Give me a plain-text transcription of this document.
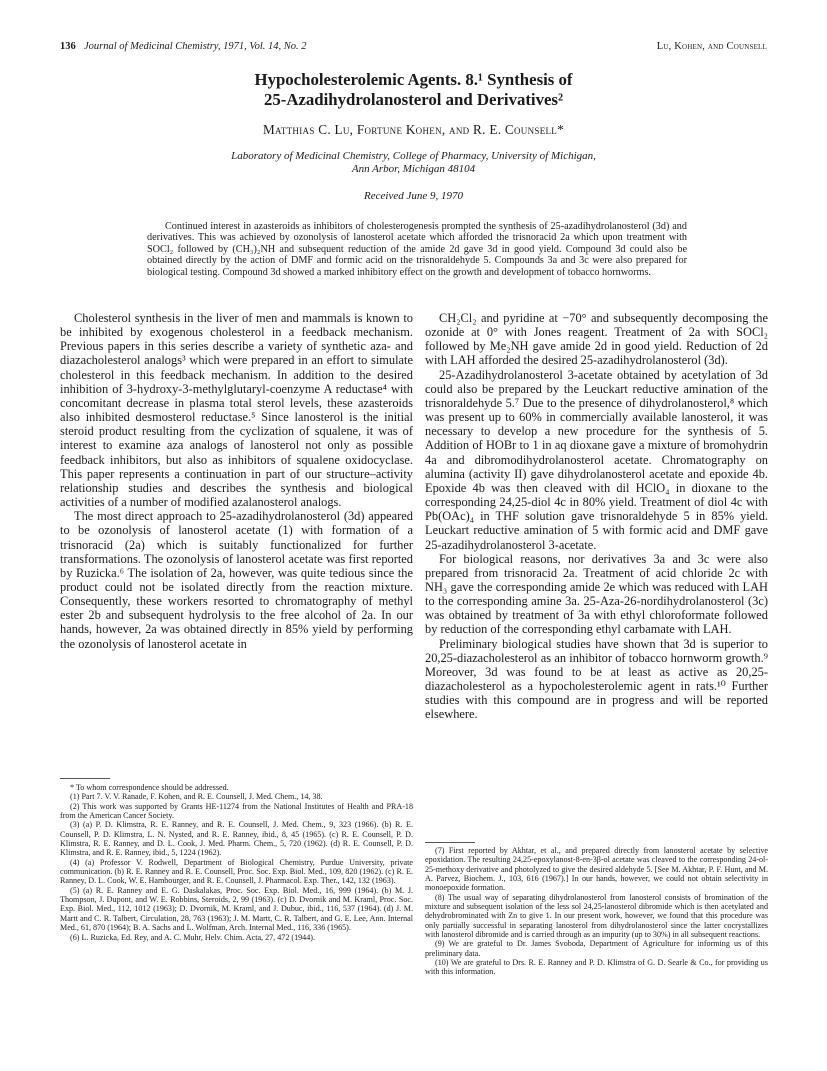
136 Journal of Medicinal Chemistry, 1971, Vol. 14, No. 2	Lu, Kohen, and Counsell
Hypocholesterolemic Agents. 8.¹ Synthesis of
25-Azadihydrolanosterol and Derivatives²
Matthias C. Lu, Fortune Kohen, and R. E. Counsell*
Laboratory of Medicinal Chemistry, College of Pharmacy, University of Michigan,
Ann Arbor, Michigan 48104
Received June 9, 1970

Continued interest in azasteroids as inhibitors of cholesterogenesis prompted the synthesis of 25-azadihydrolanosterol (3d) and derivatives. This was achieved by ozonolysis of lanosterol acetate which afforded the trisnoracid 2a which upon treatment with SOCl₂ followed by (CH₃)₂NH and subsequent reduction of the amide 2d gave 3d in good yield. Compound 3d could also be obtained directly by the action of DMF and formic acid on the trisnoraldehyde 5. Compounds 3a and 3c were also prepared for biological testing. Compound 3d showed a marked inhibitory effect on the growth and development of tobacco hornworms.

Cholesterol synthesis in the liver of men and mammals is known to be inhibited by exogenous cholesterol in a feedback mechanism. Previous papers in this series describe a variety of synthetic aza- and diazacholesterol analogs³ which were prepared in an effort to simulate cholesterol in this feedback mechanism. In addition to the desired inhibition of 3-hydroxy-3-methylglutaryl-coenzyme A reductase⁴ with concomitant decrease in plasma total sterol levels, these azasteroids also inhibited desmosterol reductase.⁵ Since lanosterol is the initial steroid product resulting from the cyclization of squalene, it was of interest to examine aza analogs of lanosterol not only as possible feedback inhibitors, but also as inhibitors of squalene oxidocyclase. This paper represents a continuation in part of our structure–activity relationship studies and describes the synthesis and biological activities of a number of modified azalanosterol analogs.

The most direct approach to 25-azadihydrolanosterol (3d) appeared to be ozonolysis of lanosterol acetate (1) with formation of a trisnoracid (2a) which is suitably functionalized for further transformations. The ozonolysis of lanosterol acetate was first reported by Ruzicka.⁶ The isolation of 2a, however, was quite tedious since the product could not be isolated directly from the reaction mixture. Consequently, these workers resorted to chromatography of methyl ester 2b and subsequent hydrolysis to the free alcohol of 2a. In our hands, however, 2a was obtained directly in 85% yield by performing the ozonolysis of lanosterol acetate in

CH₂Cl₂ and pyridine at −70° and subsequently decomposing the ozonide at 0° with Jones reagent. Treatment of 2a with SOCl₂ followed by Me₂NH gave amide 2d in good yield. Reduction of 2d with LAH afforded the desired 25-azadihydrolanosterol (3d).

25-Azadihydrolanosterol 3-acetate obtained by acetylation of 3d could also be prepared by the Leuckart reductive amination of the trisnoraldehyde 5.⁷ Due to the presence of dihydrolanosterol,⁸ which was present up to 60% in commercially available lanosterol, it was necessary to develop a new procedure for the synthesis of 5. Addition of HOBr to 1 in aq dioxane gave a mixture of bromohydrin 4a and dibromodihydrolanosterol acetate. Chromatography on alumina (activity II) gave dihydrolanosterol acetate and epoxide 4b. Epoxide 4b was then cleaved with dil HClO₄ in dioxane to the corresponding 24,25-diol 4c in 80% yield. Treatment of diol 4c with Pb(OAc)₄ in THF solution gave trisnoraldehyde 5 in 85% yield. Leuckart reductive amination of 5 with formic acid and DMF gave 25-azadihydrolanosterol 3-acetate.

For biological reasons, nor derivatives 3a and 3c were also prepared from trisnoracid 2a. Treatment of acid chloride 2c with NH₃ gave the corresponding amide 2e which was reduced with LAH to the corresponding amine 3a. 25-Aza-26-nordihydrolanosterol (3c) was obtained by treatment of 3a with ethyl chloroformate followed by reduction of the corresponding ethyl carbamate with LAH.

Preliminary biological studies have shown that 3d is superior to 20,25-diazacholesterol as an inhibitor of tobacco hornworm growth.⁹ Moreover, 3d was found to be at least as active as 20,25-diazacholesterol as a hypocholesterolemic agent in rats.¹⁰ Further studies with this compound are in progress and will be reported elsewhere.

* To whom correspondence should be addressed.

(1) Part 7. V. V. Ranade, F. Kohen, and R. E. Counsell, J. Med. Chem., 14, 38.

(2) This work was supported by Grants HE-11274 from the National Institutes of Health and PRA-18 from the American Cancer Society.

(3) (a) P. D. Klimstra, R. E. Ranney, and R. E. Counsell, J. Med. Chem., 9, 323 (1966). (b) R. E. Counsell, P. D. Klimstra, L. N. Nysted, and R. E. Ranney, ibid., 8, 45 (1965). (c) R. E. Counsell, P. D. Klimstra, R. E. Ranney, and D. L. Cook, J. Med. Pharm. Chem., 5, 720 (1962). (d) R. E. Counsell, P. D. Klimstra, and R. E. Ranney, ibid., 5, 1224 (1962).

(4) (a) Professor V. Rodwell, Department of Biological Chemistry, Purdue University, private communication. (b) R. E. Ranney and R. E. Counsell, Proc. Soc. Exp. Biol. Med., 109, 820 (1962). (c) R. E. Ranney, D. L. Cook, W. E. Hambourger, and R. E. Counsell, J. Pharmacol. Exp. Ther., 142, 132 (1963).

(5) (a) R. E. Ranney and E. G. Daskalakas, Proc. Soc. Exp. Biol. Med., 16, 999 (1964). (b) M. J. Thompson, J. Dupont, and W. E. Robbins, Steroids, 2, 99 (1963). (c) D. Dvornik and M. Kraml, Proc. Soc. Exp. Biol. Med., 112, 1012 (1963); D. Dvornik, M. Kraml, and J. Dubuc, ibid., 116, 537 (1964). (d) J. M. Martt and C. R. Talbert, Circulation, 28, 763 (1963); J. M. Martt, C. R. Talbert, and G. E. Lee, Ann. Internal Med., 61, 870 (1964); B. A. Sachs and L. Wolfman, Arch. Internal Med., 116, 336 (1965).

(6) L. Ruzicka, Ed. Rey, and A. C. Muhr, Helv. Chim. Acta, 27, 472 (1944).

(7) First reported by Akhtar, et al., and prepared directly from lanosterol acetate by selective epoxidation. The resulting 24,25-epoxylanost-8-en-3β-ol acetate was cleaved to the corresponding 24-ol-25-methoxy derivative and photolyzed to give the desired aldehyde 5. [See M. Akhtar, P. F. Hunt, and M. A. Parvez, Biochem. J., 103, 616 (1967).] In our hands, however, we could not obtain selectivity in monoepoxide formation.

(8) The usual way of separating dihydrolanosterol from lanosterol consists of bromination of the mixture and subsequent isolation of the less sol 24,25-lanosterol dibromide which is then acetylated and dehydrobrominated with Zn to give 1. In our present work, however, we found that this procedure was only partially successful in separating lanosterol from dihydrolanosterol since the latter cocrystallizes with lanosterol dibromide and is carried through as an impurity (up to 30%) in all subsequent reactions.

(9) We are grateful to Dr. James Svoboda, Department of Agriculture for informing us of this preliminary data.

(10) We are grateful to Drs. R. E. Ranney and P. D. Klimstra of G. D. Searle & Co., for providing us with this information.
